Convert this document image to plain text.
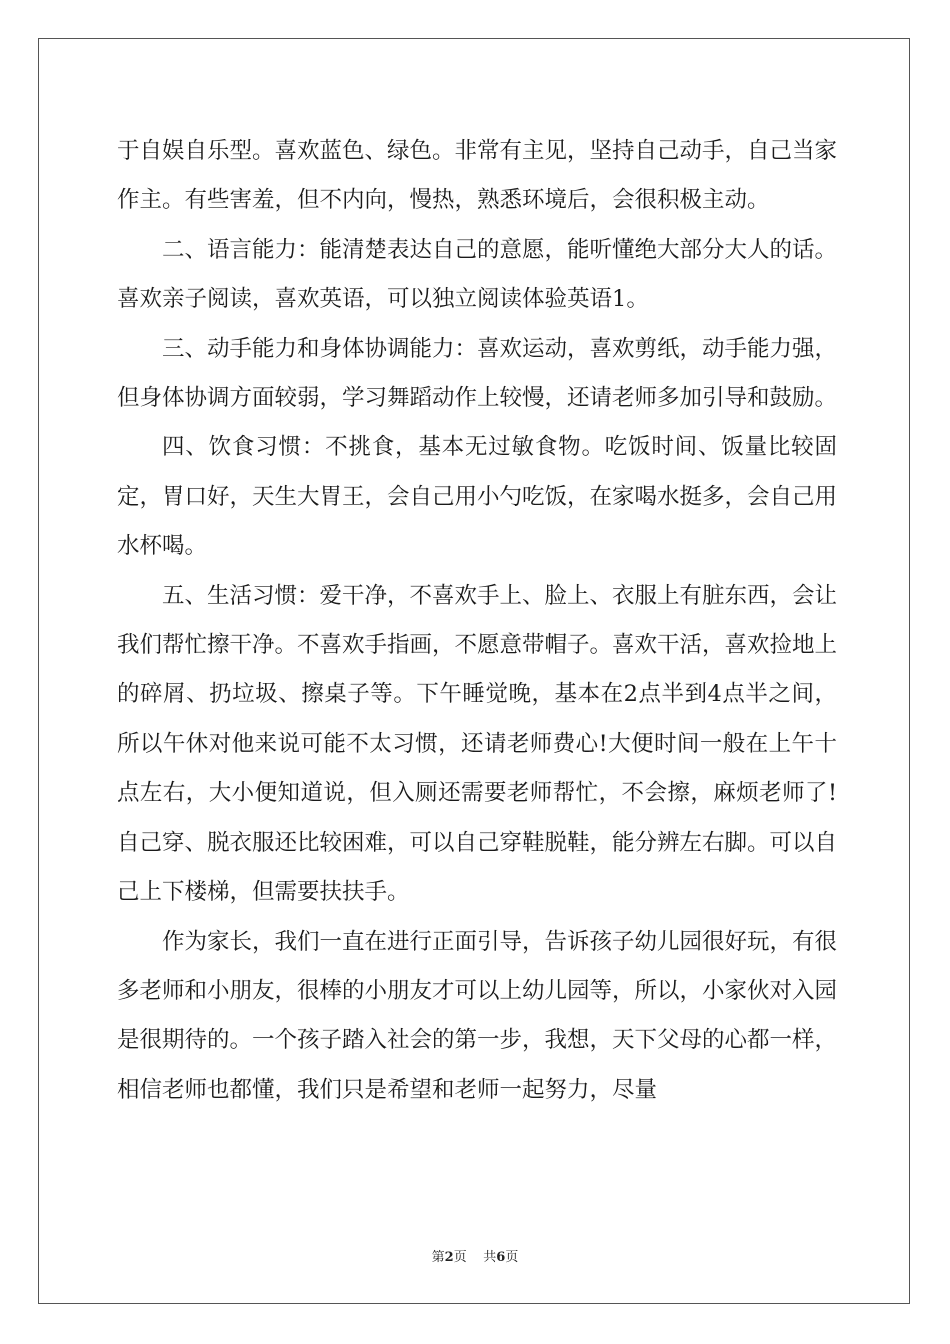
于自娱自乐型。喜欢蓝色、绿色。非常有主见，坚持自己动手，自己当家作主。有些害羞，但不内向，慢热，熟悉环境后，会很积极主动。

二、语言能力：能清楚表达自己的意愿，能听懂绝大部分大人的话。喜欢亲子阅读，喜欢英语，可以独立阅读体验英语1。

三、动手能力和身体协调能力：喜欢运动，喜欢剪纸，动手能力强，但身体协调方面较弱，学习舞蹈动作上较慢，还请老师多加引导和鼓励。

四、饮食习惯：不挑食，基本无过敏食物。吃饭时间、饭量比较固定，胃口好，天生大胃王，会自己用小勺吃饭，在家喝水挺多，会自己用水杯喝。

五、生活习惯：爱干净，不喜欢手上、脸上、衣服上有脏东西，会让我们帮忙擦干净。不喜欢手指画，不愿意带帽子。喜欢干活，喜欢捡地上的碎屑、扔垃圾、擦桌子等。下午睡觉晚，基本在2点半到4点半之间，所以午休对他来说可能不太习惯，还请老师费心!大便时间一般在上午十点左右，大小便知道说，但入厕还需要老师帮忙，不会擦，麻烦老师了!自己穿、脱衣服还比较困难，可以自己穿鞋脱鞋，能分辨左右脚。可以自己上下楼梯，但需要扶扶手。

作为家长，我们一直在进行正面引导，告诉孩子幼儿园很好玩，有很多老师和小朋友，很棒的小朋友才可以上幼儿园等，所以，小家伙对入园是很期待的。一个孩子踏入社会的第一步，我想，天下父母的心都一样，相信老师也都懂，我们只是希望和老师一起努力，尽量

第2页 共6页
